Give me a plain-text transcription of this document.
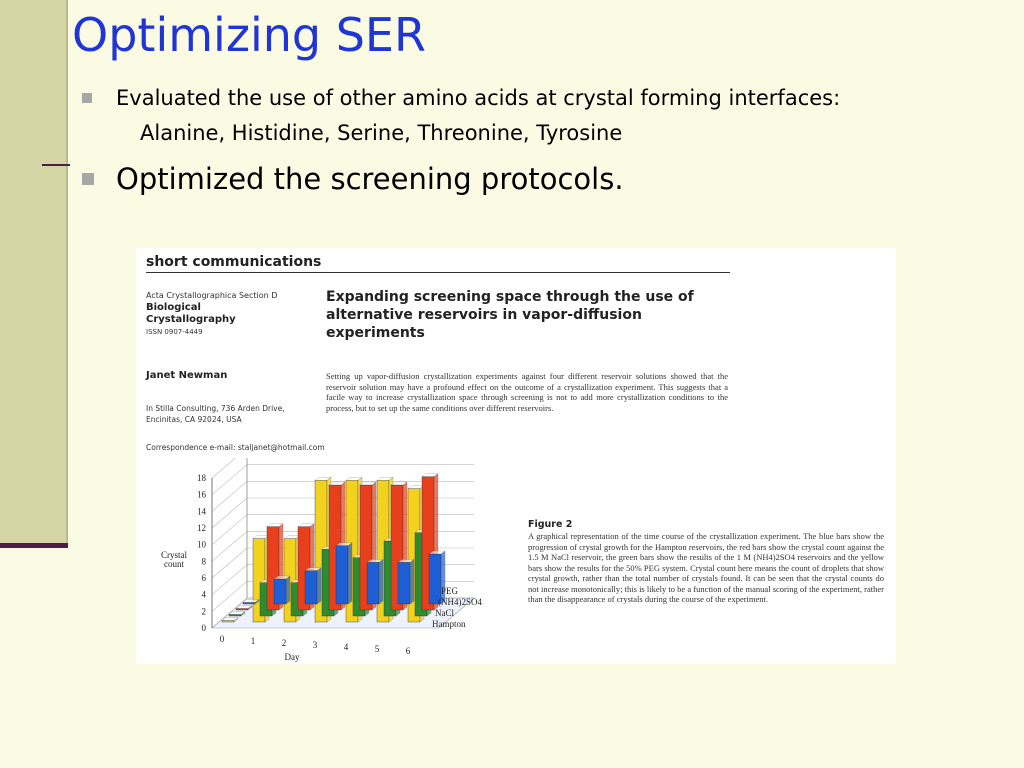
Optimizing SER
Evaluated the use of other amino acids at crystal forming interfaces:
Alanine, Histidine, Serine, Threonine, Tyrosine
Optimized the screening protocols.
short communications
Acta Crystallographica Section D
Biological Crystallography
ISSN 0907-4449
Expanding screening space through the use of alternative reservoirs in vapor-diffusion experiments
Janet Newman
In Stilla Consulting, 736 Arden Drive, Encinitas, CA 92024, USA
Correspondence e-mail: staljanet@hotmail.com
Setting up vapor-diffusion crystallization experiments against four different reservoir solutions showed that the reservoir solution may have a profound effect on the outcome of a crystallization experiment. This suggests that a facile way to increase crystallization space through screening is not to add more crystallization conditions to the process, but to set up the same conditions over different reservoirs.
0
2
4
6
8
10
12
14
16
18
Crystal
count
0	1	2	3	4	5	6
Day
PEG
(NH4)2SO4
NaCl
Hampton
Figure 2
A graphical representation of the time course of the crystallization experiment. The blue bars show the progression of crystal growth for the Hampton reservoirs, the red bars show the crystal count against the 1.5 M NaCl reservoir, the green bars show the results of the 1 M (NH4)2SO4 reservoirs and the yellow bars show the results for the 50% PEG system. Crystal count here means the count of droplets that show crystal growth, rather than the total number of crystals found. It can be seen that the crystal counts do not increase monotonically; this is likely to be a function of the manual scoring of the experiment, rather than the disappearance of crystals during the course of the experiment.
